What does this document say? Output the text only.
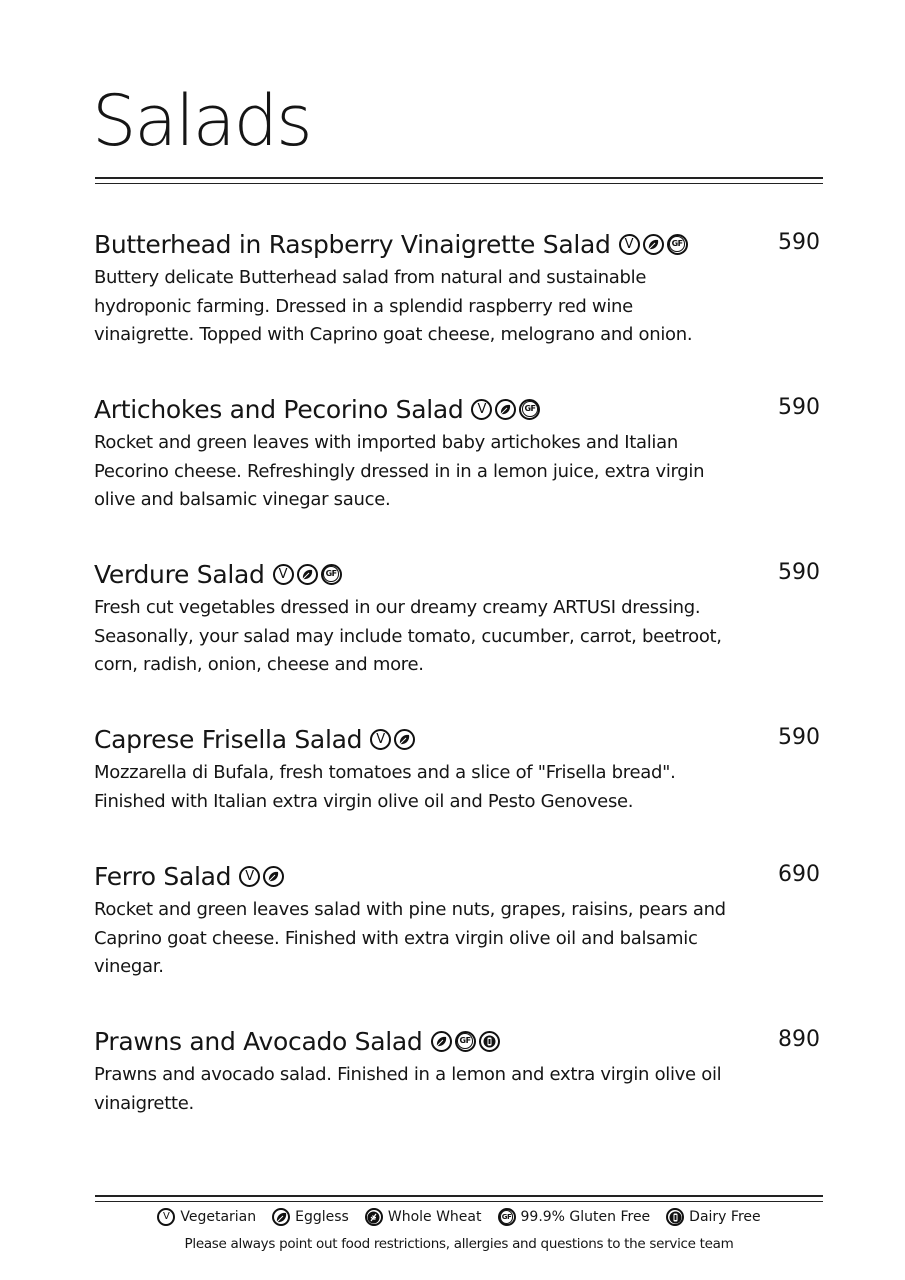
Salads
Butterhead in Raspberry Vinaigrette Salad	V	GF	590
Buttery delicate Butterhead salad from natural and sustainable hydroponic farming. Dressed in a splendid raspberry red wine vinaigrette. Topped with Caprino goat cheese, melograno and onion.
Artichokes and Pecorino Salad	V	GF	590
Rocket and green leaves with imported baby artichokes and Italian Pecorino cheese. Refreshingly dressed in in a lemon juice, extra virgin olive and balsamic vinegar sauce.
Verdure Salad	V	GF	590
Fresh cut vegetables dressed in our dreamy creamy ARTUSI dressing. Seasonally, your salad may include tomato, cucumber, carrot, beetroot, corn, radish, onion, cheese and more.
Caprese Frisella Salad	V	590
Mozzarella di Bufala, fresh tomatoes and a slice of "Frisella bread". Finished with Italian extra virgin olive oil and Pesto Genovese.
Ferro Salad	V	690
Rocket and green leaves salad with pine nuts, grapes, raisins, pears and Caprino goat cheese. Finished with extra virgin olive oil and balsamic vinegar.
Prawns and Avocado Salad	GF	890
Prawns and avocado salad. Finished in a lemon and extra virgin olive oil vinaigrette.
V Vegetarian	Eggless	Whole Wheat	GF 99.9% Gluten Free	Dairy Free
Please always point out food restrictions, allergies and questions to the service team
